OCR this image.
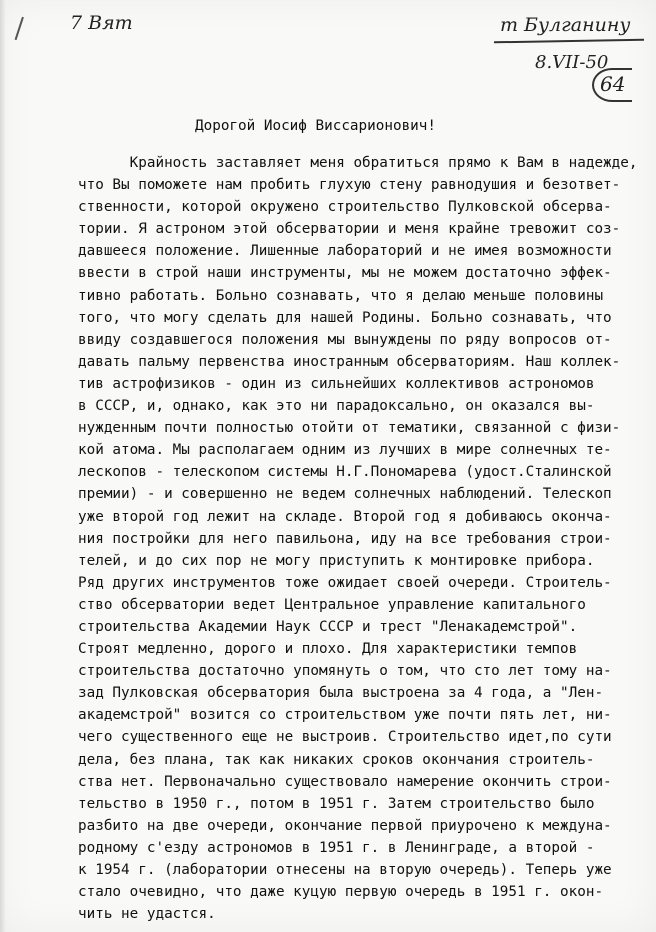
7 Вят	т Булганину
8.VII-50
64
Дорогой Иосиф Виссарионович!
Крайность заставляет меня обратиться прямо к Вам в надежде,
что Вы поможете нам пробить глухую стену равнодушия и безответ-
ственности, которой окружено строительство Пулковской обсерва-
тории. Я астроном этой обсерватории и меня крайне тревожит соз-
давшееся положение. Лишенные лабораторий и не имея возможности
ввести в строй наши инструменты, мы не можем достаточно эффек-
тивно работать. Больно сознавать, что я делаю меньше половины
того, что могу сделать для нашей Родины. Больно сознавать, что
ввиду создавшегося положения мы вынуждены по ряду вопросов от-
давать пальму первенства иностранным обсерваториям. Наш коллек-
тив астрофизиков - один из сильнейших коллективов астрономов
в СССР, и, однако, как это ни парадоксально, он оказался вы-
нужденным почти полностью отойти от тематики, связанной с физи-
кой атома. Мы располагаем одним из лучших в мире солнечных те-
лескопов - телескопом системы Н.Г.Пономарева (удост.Сталинской
премии) - и совершенно не ведем солнечных наблюдений. Телескоп
уже второй год лежит на складе. Второй год я добиваюсь оконча-
ния постройки для него павильона, иду на все требования строи-
телей, и до сих пор не могу приступить к монтировке прибора.
Ряд других инструментов тоже ожидает своей очереди. Строитель-
ство обсерватории ведет Центральное управление капитального
строительства Академии Наук СССР и трест "Ленакадемстрой".
Строят медленно, дорого и плохо. Для характеристики темпов
строительства достаточно упомянуть о том, что сто лет тому на-
зад Пулковская обсерватория была выстроена за 4 года, а "Лен-
академстрой" возится со строительством уже почти пять лет, ни-
чего существенного еще не выстроив. Строительство идет,по сути
дела, без плана, так как никаких сроков окончания строитель-
ства нет. Первоначально существовало намерение окончить строи-
тельство в 1950 г., потом в 1951 г. Затем строительство было
разбито на две очереди, окончание первой приурочено к междуна-
родному с'езду астрономов в 1951 г. в Ленинграде, а второй -
к 1954 г. (лаборатории отнесены на вторую очередь). Теперь уже
стало очевидно, что даже куцую первую очередь в 1951 г. окон-
чить не удастся.
